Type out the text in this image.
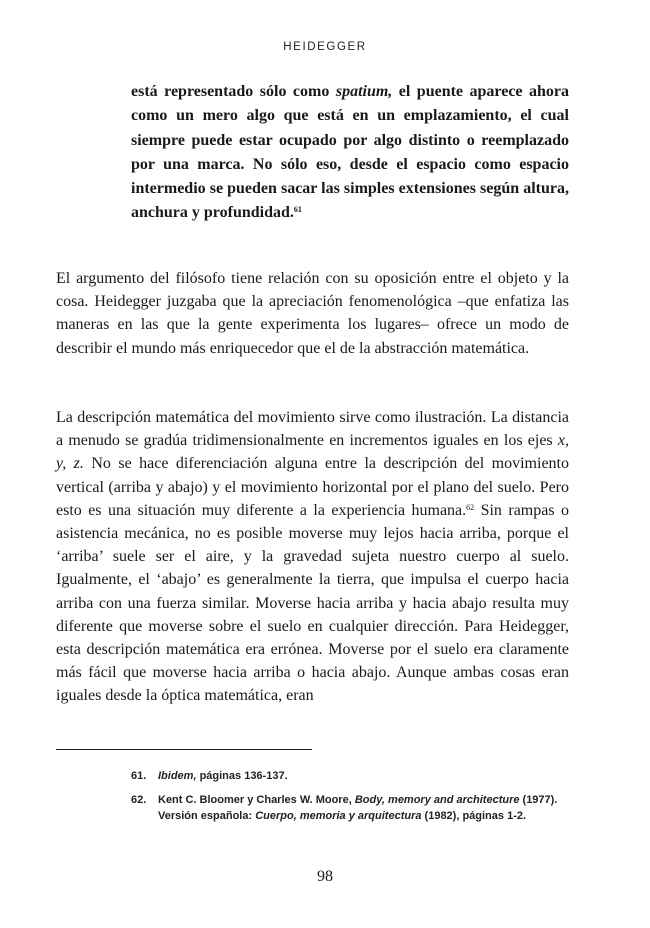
HEIDEGGER

está representado sólo como spatium, el puente aparece ahora como un mero algo que está en un emplazamiento, el cual siempre puede estar ocupado por algo distinto o reemplazado por una marca. No sólo eso, desde el espacio como espacio intermedio se pueden sacar las simples extensiones según altura, anchura y profundidad.$^{61}$

El argumento del filósofo tiene relación con su oposición entre el objeto y la cosa. Heidegger juzgaba que la apreciación fenomenológica –que enfatiza las maneras en las que la gente experimenta los lugares– ofrece un modo de describir el mundo más enriquecedor que el de la abstracción matemática.

La descripción matemática del movimiento sirve como ilustración. La distancia a menudo se gradúa tridimensionalmente en incrementos iguales en los ejes x, y, z. No se hace diferenciación alguna entre la descripción del movimiento vertical (arriba y abajo) y el movimiento horizontal por el plano del suelo. Pero esto es una situación muy diferente a la experiencia humana.$^{62}$ Sin rampas o asistencia mecánica, no es posible moverse muy lejos hacia arriba, porque el ‘arriba’ suele ser el aire, y la gravedad sujeta nuestro cuerpo al suelo. Igualmente, el ‘abajo’ es generalmente la tierra, que impulsa el cuerpo hacia arriba con una fuerza similar. Moverse hacia arriba y hacia abajo resulta muy diferente que moverse sobre el suelo en cualquier dirección. Para Heidegger, esta descripción matemática era errónea. Moverse por el suelo era claramente más fácil que moverse hacia arriba o hacia abajo. Aunque ambas cosas eran iguales desde la óptica matemática, eran

61.	Ibidem, páginas 136-137.
62.	Kent C. Bloomer y Charles W. Moore, Body, memory and architecture (1977). Versión española: Cuerpo, memoria y arquitectura (1982), páginas 1-2.
98
